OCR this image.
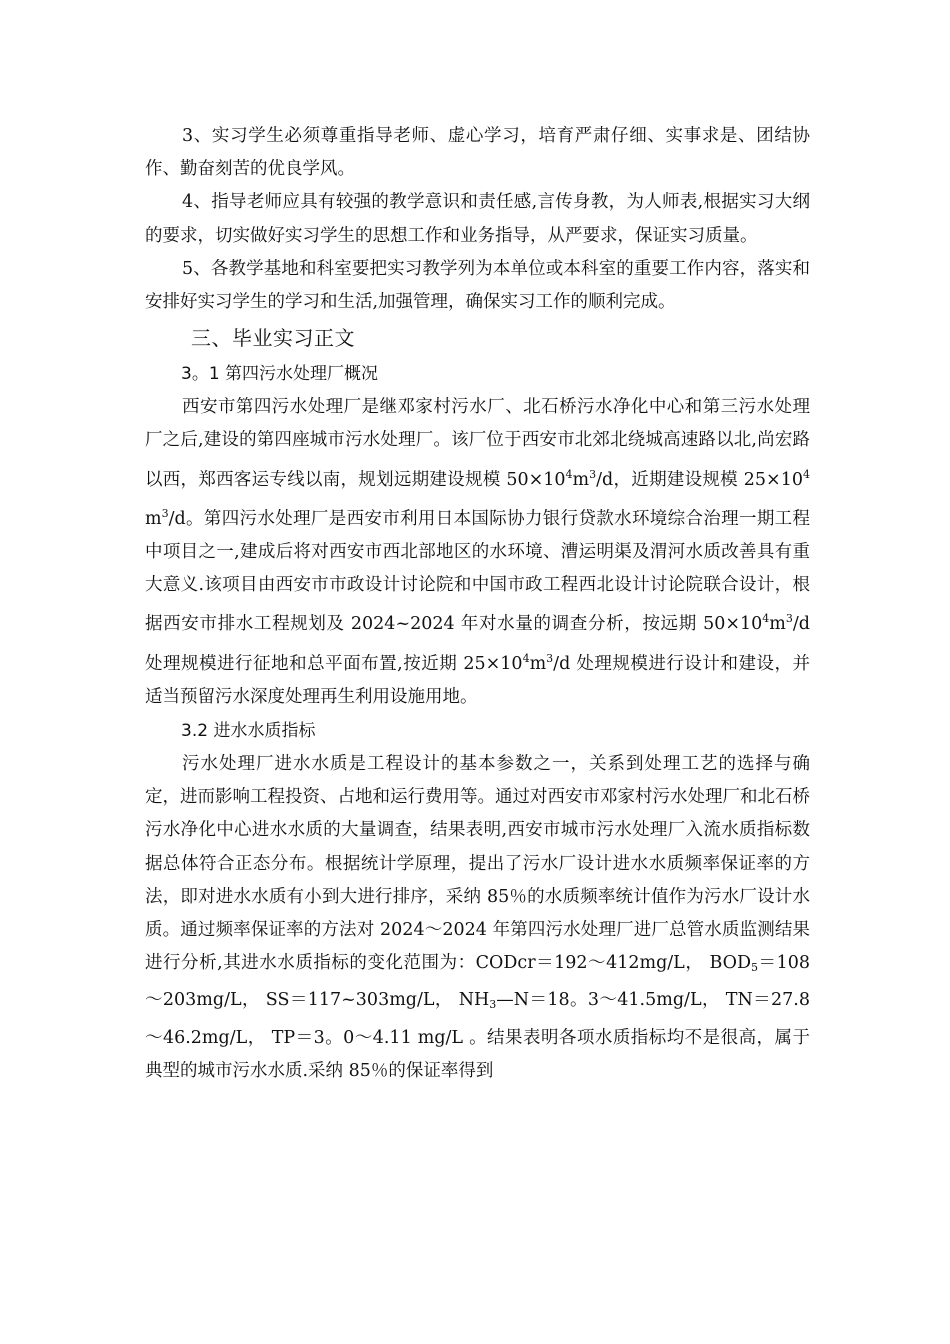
3、实习学生必须尊重指导老师、虚心学习，培育严肃仔细、实事求是、团结协作、勤奋刻苦的优良学风。

4、指导老师应具有较强的教学意识和责任感,言传身教，为人师表,根据实习大纲的要求，切实做好实习学生的思想工作和业务指导，从严要求，保证实习质量。

5、各教学基地和科室要把实习教学列为本单位或本科室的重要工作内容，落实和安排好实习学生的学习和生活,加强管理，确保实习工作的顺利完成。

三、毕业实习正文
3。1 第四污水处理厂概况

西安市第四污水处理厂是继邓家村污水厂、北石桥污水净化中心和第三污水处理厂之后,建设的第四座城市污水处理厂。该厂位于西安市北郊北绕城高速路以北,尚宏路以西，郑西客运专线以南，规划远期建设规模 $50\times 10^4m^3/d$，近期建设规模 $25\times 10^4m^3/d$。第四污水处理厂是西安市利用日本国际协力银行贷款水环境综合治理一期工程中项目之一,建成后将对西安市西北部地区的水环境、漕运明渠及渭河水质改善具有重大意义.该项目由西安市市政设计讨论院和中国市政工程西北设计讨论院联合设计，根据西安市排水工程规划及 2024~2024 年对水量的调查分析，按远期 $50\times 10^4m^3/d$ 处理规模进行征地和总平面布置,按近期 $25\times 10^4m^3/d$ 处理规模进行设计和建设，并适当预留污水深度处理再生利用设施用地。

3.2 进水水质指标

污水处理厂进水水质是工程设计的基本参数之一，关系到处理工艺的选择与确定，进而影响工程投资、占地和运行费用等。通过对西安市邓家村污水处理厂和北石桥污水净化中心进水水质的大量调查，结果表明,西安市城市污水处理厂入流水质指标数据总体符合正态分布。根据统计学原理，提出了污水厂设计进水水质频率保证率的方法，即对进水水质有小到大进行排序，采纳 85％的水质频率统计值作为污水厂设计水质。通过频率保证率的方法对 2024～2024 年第四污水处理厂进厂总管水质监测结果进行分析,其进水水质指标的变化范围为：CODcr＝192～412mg/L， $BOD_5=108\sim 203mg/L$， SS＝117~303mg/L， $NH_3—N=18$。3～41.5mg/L， TN＝27.8～46.2mg/L， TP＝3。0～4.11 mg/L 。结果表明各项水质指标均不是很高，属于典型的城市污水水质.采纳 85％的保证率得到
